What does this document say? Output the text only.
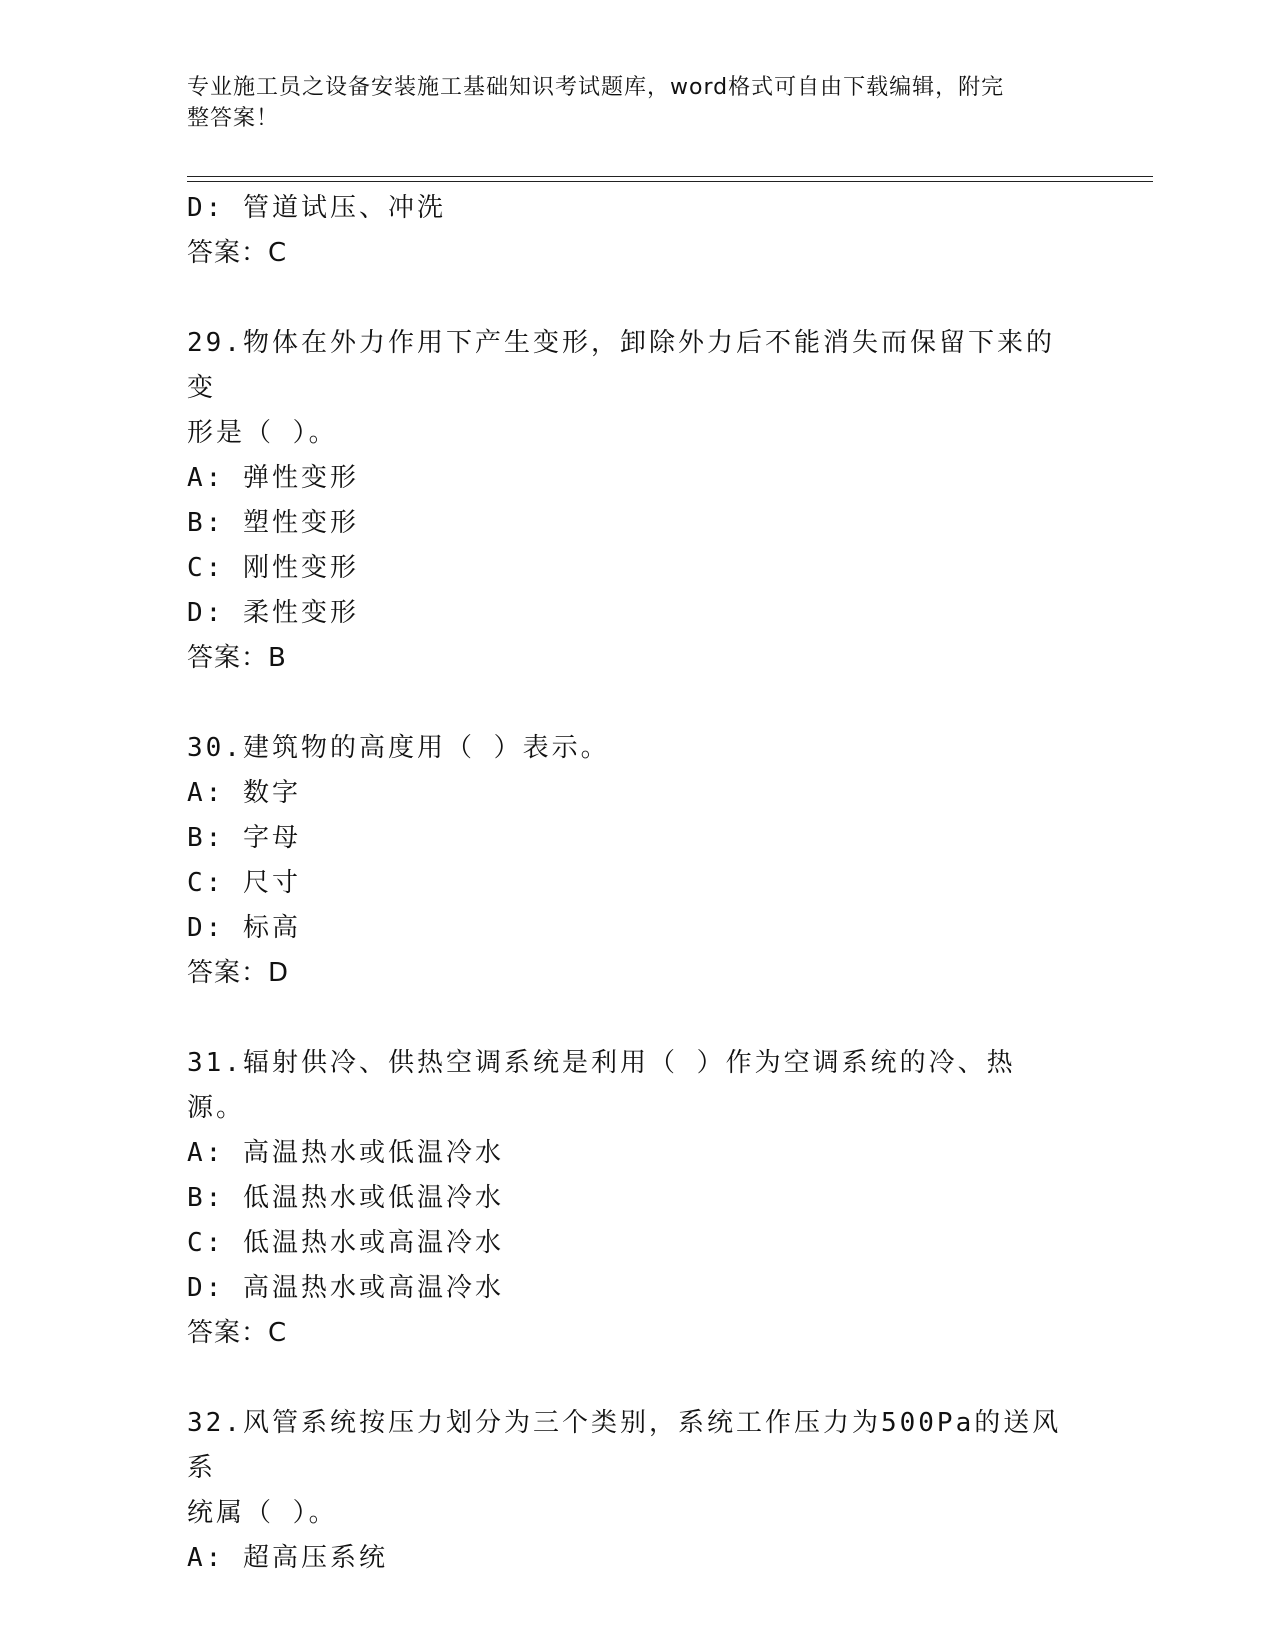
专业施工员之设备安装施工基础知识考试题库，word格式可自由下载编辑，附完
整答案！

D: 管道试压、冲洗

答案：C

29.物体在外力作用下产生变形，卸除外力后不能消失而保留下来的变

形是（ ）。

A: 弹性变形

B: 塑性变形

C: 刚性变形

D: 柔性变形

答案：B

30.建筑物的高度用（ ）表示。

A: 数字

B: 字母

C: 尺寸

D: 标高

答案：D

31.辐射供冷、供热空调系统是利用（ ）作为空调系统的冷、热源。

A: 高温热水或低温冷水

B: 低温热水或低温冷水

C: 低温热水或高温冷水

D: 高温热水或高温冷水

答案：C

32.风管系统按压力划分为三个类别，系统工作压力为500Pa的送风系

统属（ ）。

A: 超高压系统
